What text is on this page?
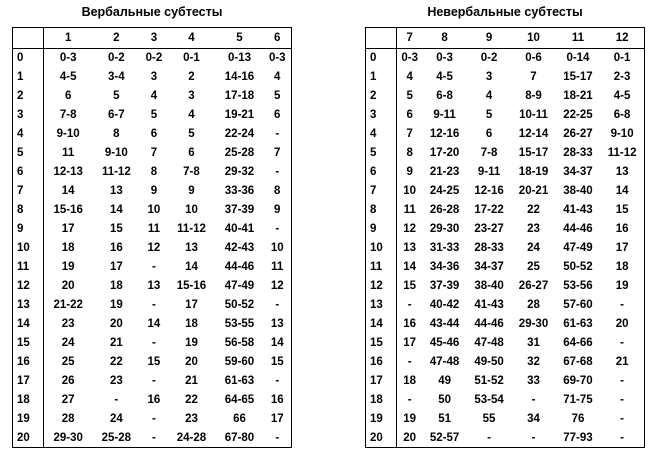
Вербальные субтесты
	1	2	3	4	5	6
0	0-3	0-2	0-2	0-1	0-13	0-3
1	4-5	3-4	3	2	14-16	4
2	6	5	4	3	17-18	5
3	7-8	6-7	5	4	19-21	6
4	9-10	8	6	5	22-24	-
5	11	9-10	7	6	25-28	7
6	12-13	11-12	8	7-8	29-32	-
7	14	13	9	9	33-36	8
8	15-16	14	10	10	37-39	9
9	17	15	11	11-12	40-41	-
10	18	16	12	13	42-43	10
11	19	17	-	14	44-46	11
12	20	18	13	15-16	47-49	12
13	21-22	19	-	17	50-52	-
14	23	20	14	18	53-55	13
15	24	21	-	19	56-58	14
16	25	22	15	20	59-60	15
17	26	23	-	21	61-63	-
18	27	-	16	22	64-65	16
19	28	24	-	23	66	17
20	29-30	25-28	-	24-28	67-80	-
Невербальные субтесты
	7	8	9	10	11	12
0	0-3	0-3	0-2	0-6	0-14	0-1
1	4	4-5	3	7	15-17	2-3
2	5	6-8	4	8-9	18-21	4-5
3	6	9-11	5	10-11	22-25	6-8
4	7	12-16	6	12-14	26-27	9-10
5	8	17-20	7-8	15-17	28-33	11-12
6	9	21-23	9-11	18-19	34-37	13
7	10	24-25	12-16	20-21	38-40	14
8	11	26-28	17-22	22	41-43	15
9	12	29-30	23-27	23	44-46	16
10	13	31-33	28-33	24	47-49	17
11	14	34-36	34-37	25	50-52	18
12	15	37-39	38-40	26-27	53-56	19
13	-	40-42	41-43	28	57-60	-
14	16	43-44	44-46	29-30	61-63	20
15	17	45-46	47-48	31	64-66	-
16	-	47-48	49-50	32	67-68	21
17	18	49	51-52	33	69-70	-
18	-	50	53-54	-	71-75	-
19	19	51	55	34	76	-
20	20	52-57	-	-	77-93	-
